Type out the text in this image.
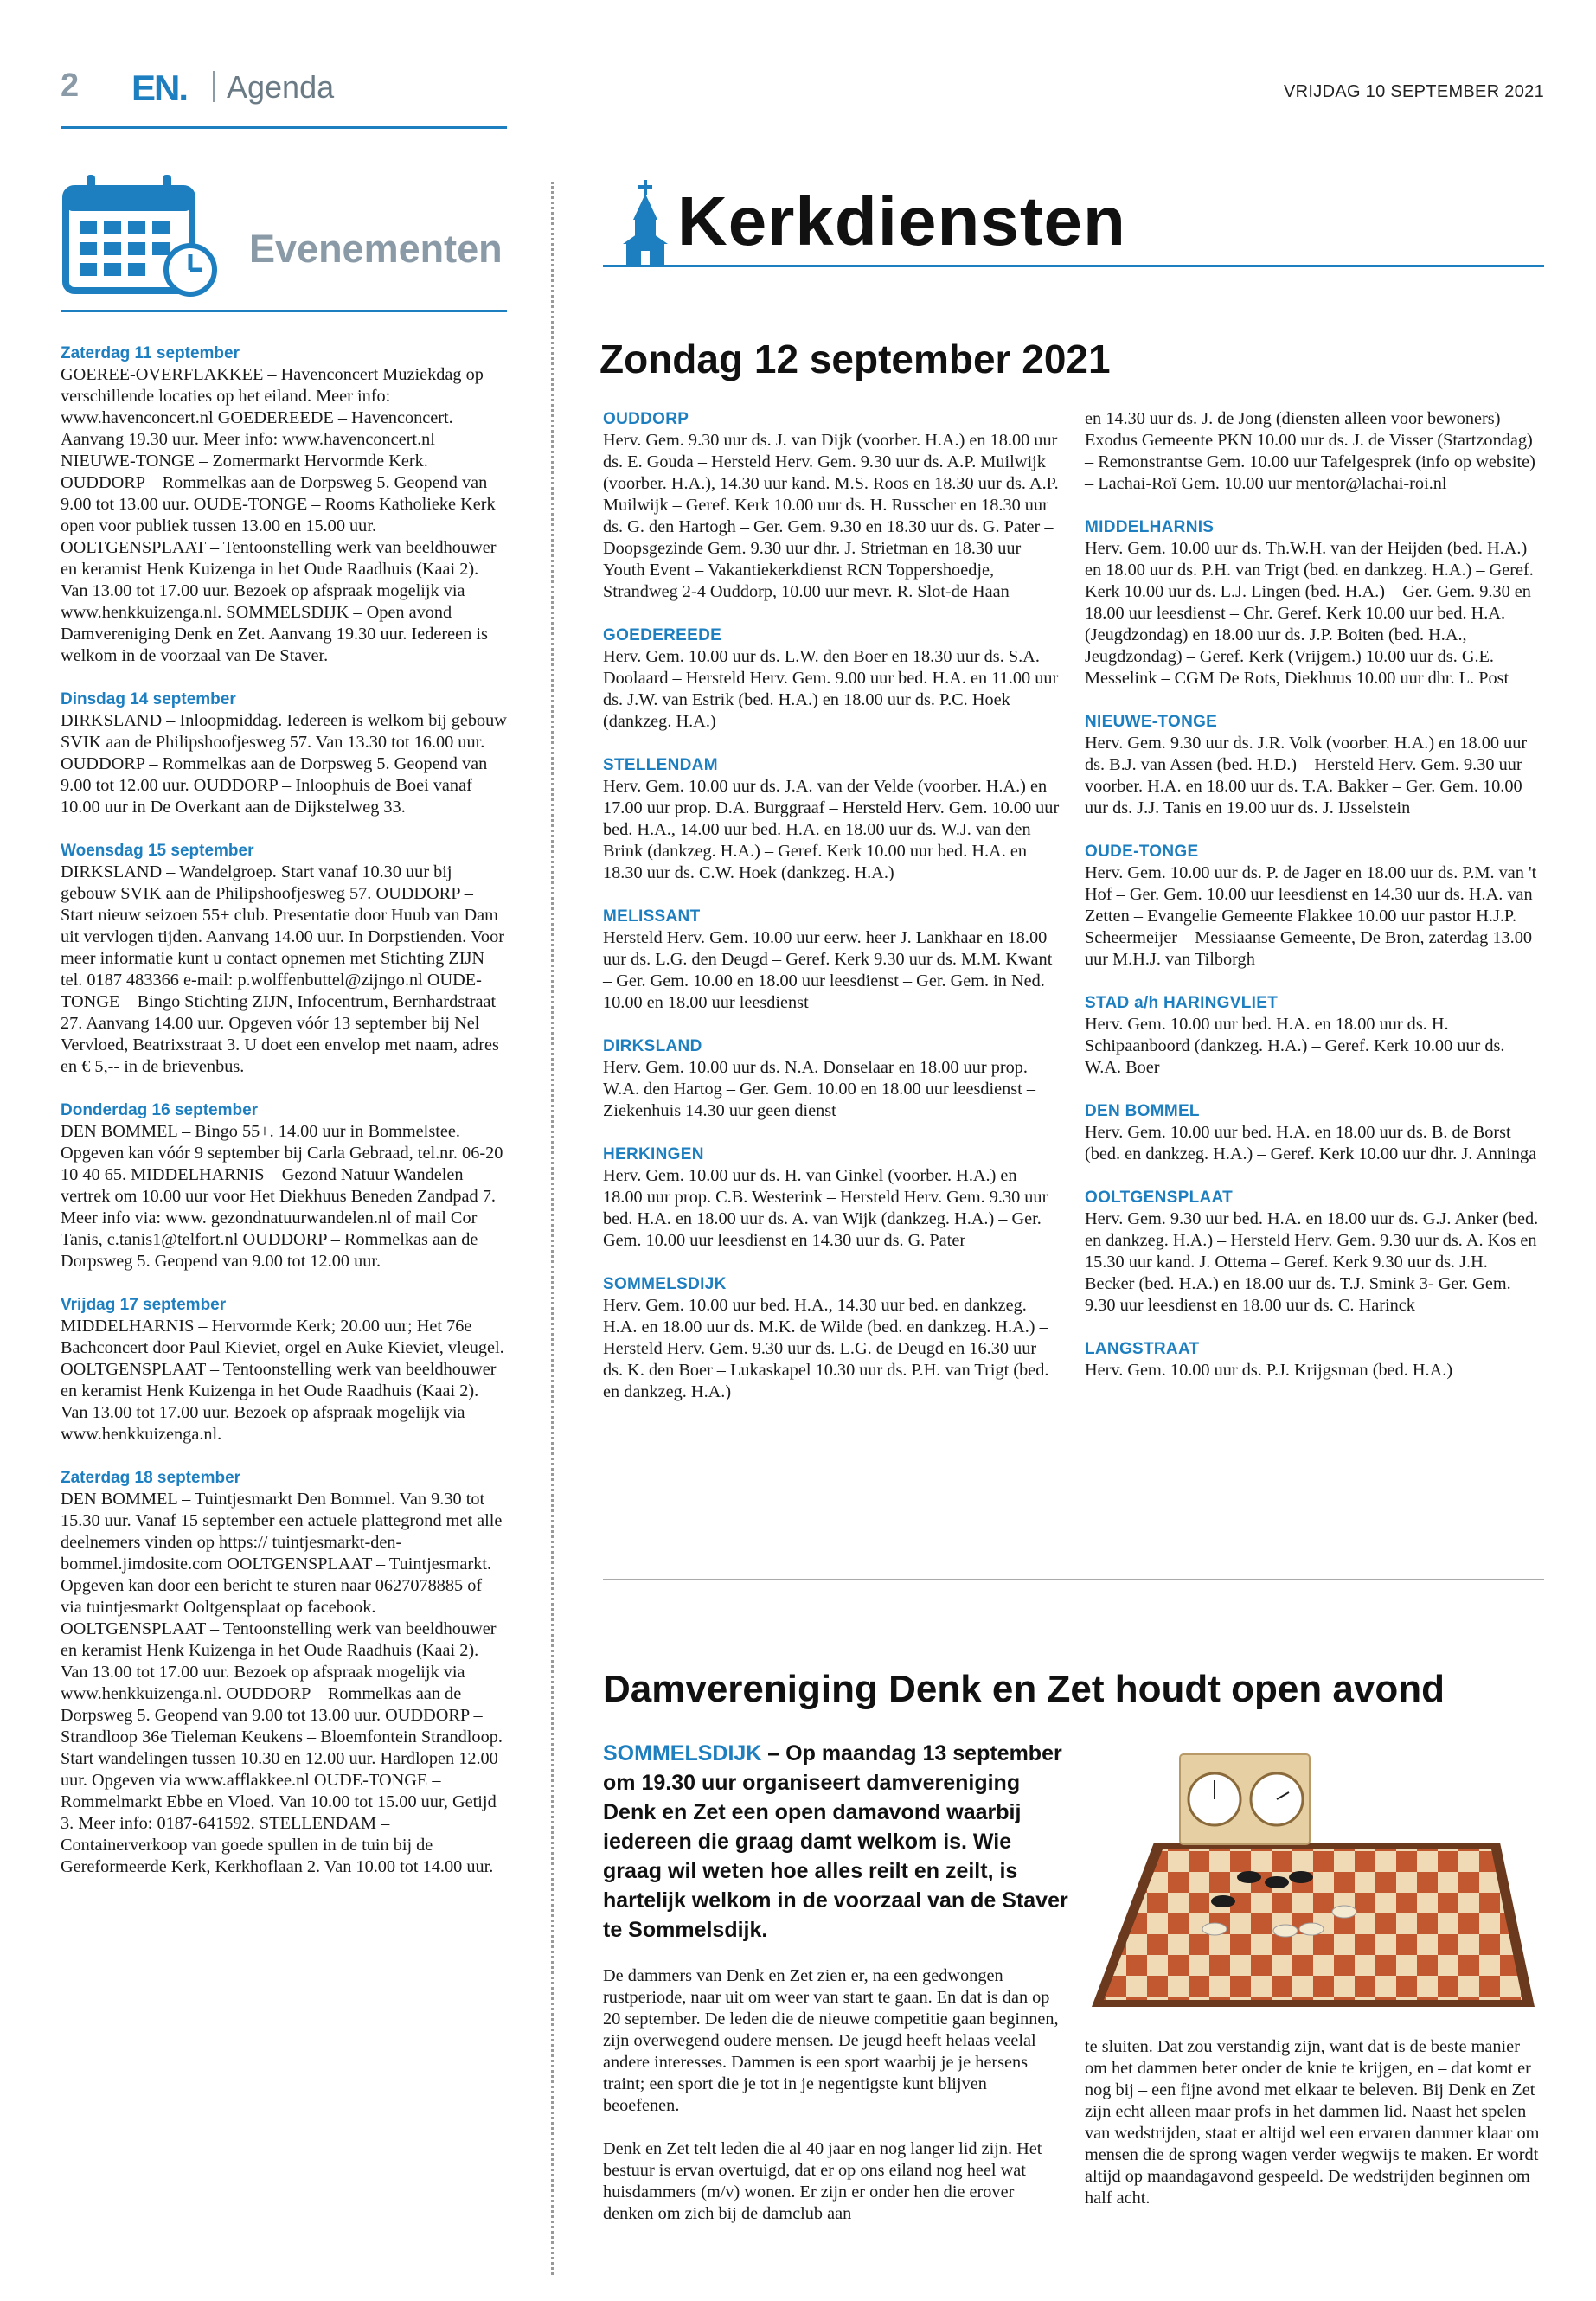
2 EN. Agenda	VRIJDAG 10 SEPTEMBER 2021
Evenementen
Zaterdag 11 september
GOEREE-OVERFLAKKEE – Havenconcert Muziekdag op verschillende locaties op het eiland. Meer info: www.havenconcert.nl GOEDEREEDE – Havenconcert. Aanvang 19.30 uur. Meer info: www.havenconcert.nl NIEUWE-TONGE – Zomermarkt Hervormde Kerk. OUDDORP – Rommelkas aan de Dorpsweg 5. Geopend van 9.00 tot 13.00 uur. OUDE-TONGE – Rooms Katholieke Kerk open voor publiek tussen 13.00 en 15.00 uur. OOLTGENSPLAAT – Tentoonstelling werk van beeldhouwer en keramist Henk Kuizenga in het Oude Raadhuis (Kaai 2). Van 13.00 tot 17.00 uur. Bezoek op afspraak mogelijk via www.henkkuizenga.nl. SOMMELSDIJK – Open avond Damvereniging Denk en Zet. Aanvang 19.30 uur. Iedereen is welkom in de voorzaal van De Staver.
Dinsdag 14 september
DIRKSLAND – Inloopmiddag. Iedereen is welkom bij gebouw SVIK aan de Philipshoofjesweg 57. Van 13.30 tot 16.00 uur. OUDDORP – Rommelkas aan de Dorpsweg 5. Geopend van 9.00 tot 12.00 uur. OUDDORP – Inloophuis de Boei vanaf 10.00 uur in De Overkant aan de Dijkstelweg 33.
Woensdag 15 september
DIRKSLAND – Wandelgroep. Start vanaf 10.30 uur bij gebouw SVIK aan de Philipshoofjesweg 57. OUDDORP – Start nieuw seizoen 55+ club. Presentatie door Huub van Dam uit vervlogen tijden. Aanvang 14.00 uur. In Dorpstienden. Voor meer informatie kunt u contact opnemen met Stichting ZIJN tel. 0187 483366 e-mail: p.wolffenbuttel@zijngo.nl OUDE-TONGE – Bingo Stichting ZIJN, Infocentrum, Bernhardstraat 27. Aanvang 14.00 uur. Opgeven vóór 13 september bij Nel Vervloed, Beatrixstraat 3. U doet een envelop met naam, adres en € 5,-- in de brievenbus.
Donderdag 16 september
DEN BOMMEL – Bingo 55+. 14.00 uur in Bommelstee. Opgeven kan vóór 9 september bij Carla Gebraad, tel.nr. 06-20 10 40 65. MIDDELHARNIS – Gezond Natuur Wandelen vertrek om 10.00 uur voor Het Diekhuus Beneden Zandpad 7. Meer info via: www. gezondnatuurwandelen.nl of mail Cor Tanis, c.tanis1@telfort.nl OUDDORP – Rommelkas aan de Dorpsweg 5. Geopend van 9.00 tot 12.00 uur.
Vrijdag 17 september
MIDDELHARNIS – Hervormde Kerk; 20.00 uur; Het 76e Bachconcert door Paul Kieviet, orgel en Auke Kieviet, vleugel. OOLTGENSPLAAT – Tentoonstelling werk van beeldhouwer en keramist Henk Kuizenga in het Oude Raadhuis (Kaai 2). Van 13.00 tot 17.00 uur. Bezoek op afspraak mogelijk via www.henkkuizenga.nl.
Zaterdag 18 september
DEN BOMMEL – Tuintjesmarkt Den Bommel. Van 9.30 tot 15.30 uur. Vanaf 15 september een actuele plattegrond met alle deelnemers vinden op https:// tuintjesmarkt-den-bommel.jimdosite.com OOLTGENSPLAAT – Tuintjesmarkt. Opgeven kan door een bericht te sturen naar 0627078885 of via tuintjesmarkt Ooltgensplaat op facebook. OOLTGENSPLAAT – Tentoonstelling werk van beeldhouwer en keramist Henk Kuizenga in het Oude Raadhuis (Kaai 2). Van 13.00 tot 17.00 uur. Bezoek op afspraak mogelijk via www.henkkuizenga.nl. OUDDORP – Rommelkas aan de Dorpsweg 5. Geopend van 9.00 tot 13.00 uur. OUDDORP – Strandloop 36e Tieleman Keukens – Bloemfontein Strandloop. Start wandelingen tussen 10.30 en 12.00 uur. Hardlopen 12.00 uur. Opgeven via www.afflakkee.nl OUDE-TONGE – Rommelmarkt Ebbe en Vloed. Van 10.00 tot 15.00 uur, Getijd 3. Meer info: 0187-641592. STELLENDAM – Containerverkoop van goede spullen in de tuin bij de Gereformeerde Kerk, Kerkhoflaan 2. Van 10.00 tot 14.00 uur.
Kerkdiensten
Zondag 12 september 2021
OUDDORP
Herv. Gem. 9.30 uur ds. J. van Dijk (voorber. H.A.) en 18.00 uur ds. E. Gouda – Hersteld Herv. Gem. 9.30 uur ds. A.P. Muilwijk (voorber. H.A.), 14.30 uur kand. M.S. Roos en 18.30 uur ds. A.P. Muilwijk – Geref. Kerk 10.00 uur ds. H. Russcher en 18.30 uur ds. G. den Hartogh – Ger. Gem. 9.30 en 18.30 uur ds. G. Pater – Doopsgezinde Gem. 9.30 uur dhr. J. Strietman en 18.30 uur Youth Event – Vakantiekerkdienst RCN Toppershoedje, Strandweg 2-4 Ouddorp, 10.00 uur mevr. R. Slot-de Haan
GOEDEREEDE
Herv. Gem. 10.00 uur ds. L.W. den Boer en 18.30 uur ds. S.A. Doolaard – Hersteld Herv. Gem. 9.00 uur bed. H.A. en 11.00 uur ds. J.W. van Estrik (bed. H.A.) en 18.00 uur ds. P.C. Hoek (dankzeg. H.A.)
STELLENDAM
Herv. Gem. 10.00 uur ds. J.A. van der Velde (voorber. H.A.) en 17.00 uur prop. D.A. Burggraaf – Hersteld Herv. Gem. 10.00 uur bed. H.A., 14.00 uur bed. H.A. en 18.00 uur ds. W.J. van den Brink (dankzeg. H.A.) – Geref. Kerk 10.00 uur bed. H.A. en 18.30 uur ds. C.W. Hoek (dankzeg. H.A.)
MELISSANT
Hersteld Herv. Gem. 10.00 uur eerw. heer J. Lankhaar en 18.00 uur ds. L.G. den Deugd – Geref. Kerk 9.30 uur ds. M.M. Kwant – Ger. Gem. 10.00 en 18.00 uur leesdienst – Ger. Gem. in Ned. 10.00 en 18.00 uur leesdienst
DIRKSLAND
Herv. Gem. 10.00 uur ds. N.A. Donselaar en 18.00 uur prop. W.A. den Hartog – Ger. Gem. 10.00 en 18.00 uur leesdienst – Ziekenhuis 14.30 uur geen dienst
HERKINGEN
Herv. Gem. 10.00 uur ds. H. van Ginkel (voorber. H.A.) en 18.00 uur prop. C.B. Westerink – Hersteld Herv. Gem. 9.30 uur bed. H.A. en 18.00 uur ds. A. van Wijk (dankzeg. H.A.) – Ger. Gem. 10.00 uur leesdienst en 14.30 uur ds. G. Pater
SOMMELSDIJK
Herv. Gem. 10.00 uur bed. H.A., 14.30 uur bed. en dankzeg. H.A. en 18.00 uur ds. M.K. de Wilde (bed. en dankzeg. H.A.) – Hersteld Herv. Gem. 9.30 uur ds. L.G. de Deugd en 16.30 uur ds. K. den Boer – Lukaskapel 10.30 uur ds. P.H. van Trigt (bed. en dankzeg. H.A.)
en 14.30 uur ds. J. de Jong (diensten alleen voor bewoners) – Exodus Gemeente PKN 10.00 uur ds. J. de Visser (Startzondag) – Remonstrantse Gem. 10.00 uur Tafelgesprek (info op website) – Lachai-Roï Gem. 10.00 uur mentor@lachai-roi.nl
MIDDELHARNIS
Herv. Gem. 10.00 uur ds. Th.W.H. van der Heijden (bed. H.A.) en 18.00 uur ds. P.H. van Trigt (bed. en dankzeg. H.A.) – Geref. Kerk 10.00 uur ds. L.J. Lingen (bed. H.A.) – Ger. Gem. 9.30 en 18.00 uur leesdienst – Chr. Geref. Kerk 10.00 uur bed. H.A. (Jeugdzondag) en 18.00 uur ds. J.P. Boiten (bed. H.A., Jeugdzondag) – Geref. Kerk (Vrijgem.) 10.00 uur ds. G.E. Messelink – CGM De Rots, Diekhuus 10.00 uur dhr. L. Post
NIEUWE-TONGE
Herv. Gem. 9.30 uur ds. J.R. Volk (voorber. H.A.) en 18.00 uur ds. B.J. van Assen (bed. H.D.) – Hersteld Herv. Gem. 9.30 uur voorber. H.A. en 18.00 uur ds. T.A. Bakker – Ger. Gem. 10.00 uur ds. J.J. Tanis en 19.00 uur ds. J. IJsselstein
OUDE-TONGE
Herv. Gem. 10.00 uur ds. P. de Jager en 18.00 uur ds. P.M. van 't Hof – Ger. Gem. 10.00 uur leesdienst en 14.30 uur ds. H.A. van Zetten – Evangelie Gemeente Flakkee 10.00 uur pastor H.J.P. Scheermeijer – Messiaanse Gemeente, De Bron, zaterdag 13.00 uur M.H.J. van Tilborgh
STAD a/h HARINGVLIET
Herv. Gem. 10.00 uur bed. H.A. en 18.00 uur ds. H. Schipaanboord (dankzeg. H.A.) – Geref. Kerk 10.00 uur ds. W.A. Boer
DEN BOMMEL
Herv. Gem. 10.00 uur bed. H.A. en 18.00 uur ds. B. de Borst (bed. en dankzeg. H.A.) – Geref. Kerk 10.00 uur dhr. J. Anninga
OOLTGENSPLAAT
Herv. Gem. 9.30 uur bed. H.A. en 18.00 uur ds. G.J. Anker (bed. en dankzeg. H.A.) – Hersteld Herv. Gem. 9.30 uur ds. A. Kos en 15.30 uur kand. J. Ottema – Geref. Kerk 9.30 uur ds. J.H. Becker (bed. H.A.) en 18.00 uur ds. T.J. Smink 3- Ger. Gem. 9.30 uur leesdienst en 18.00 uur ds. C. Harinck
LANGSTRAAT
Herv. Gem. 10.00 uur ds. P.J. Krijgsman (bed. H.A.)
Damvereniging Denk en Zet houdt open avond
SOMMELSDIJK – Op maandag 13 september om 19.30 uur organiseert damvereniging Denk en Zet een open damavond waarbij iedereen die graag damt welkom is. Wie graag wil weten hoe alles reilt en zeilt, is hartelijk welkom in de voorzaal van de Staver te Sommelsdijk.

De dammers van Denk en Zet zien er, na een gedwongen rustperiode, naar uit om weer van start te gaan. En dat is dan op 20 september. De leden die de nieuwe competitie gaan beginnen, zijn overwegend oudere mensen. De jeugd heeft helaas veelal andere interesses. Dammen is een sport waarbij je je hersens traint; een sport die je tot in je negentigste kunt blijven beoefenen.

Denk en Zet telt leden die al 40 jaar en nog langer lid zijn. Het bestuur is ervan overtuigd, dat er op ons eiland nog heel wat huisdammers (m/v) wonen. Er zijn er onder hen die erover denken om zich bij de damclub aan

te sluiten. Dat zou verstandig zijn, want dat is de beste manier om het dammen beter onder de knie te krijgen, en – dat komt er nog bij – een fijne avond met elkaar te beleven. Bij Denk en Zet zijn echt alleen maar profs in het dammen lid. Naast het spelen van wedstrijden, staat er altijd wel een ervaren dammer klaar om mensen die de sprong wagen verder wegwijs te maken. Er wordt altijd op maandagavond gespeeld. De wedstrijden beginnen om half acht.
